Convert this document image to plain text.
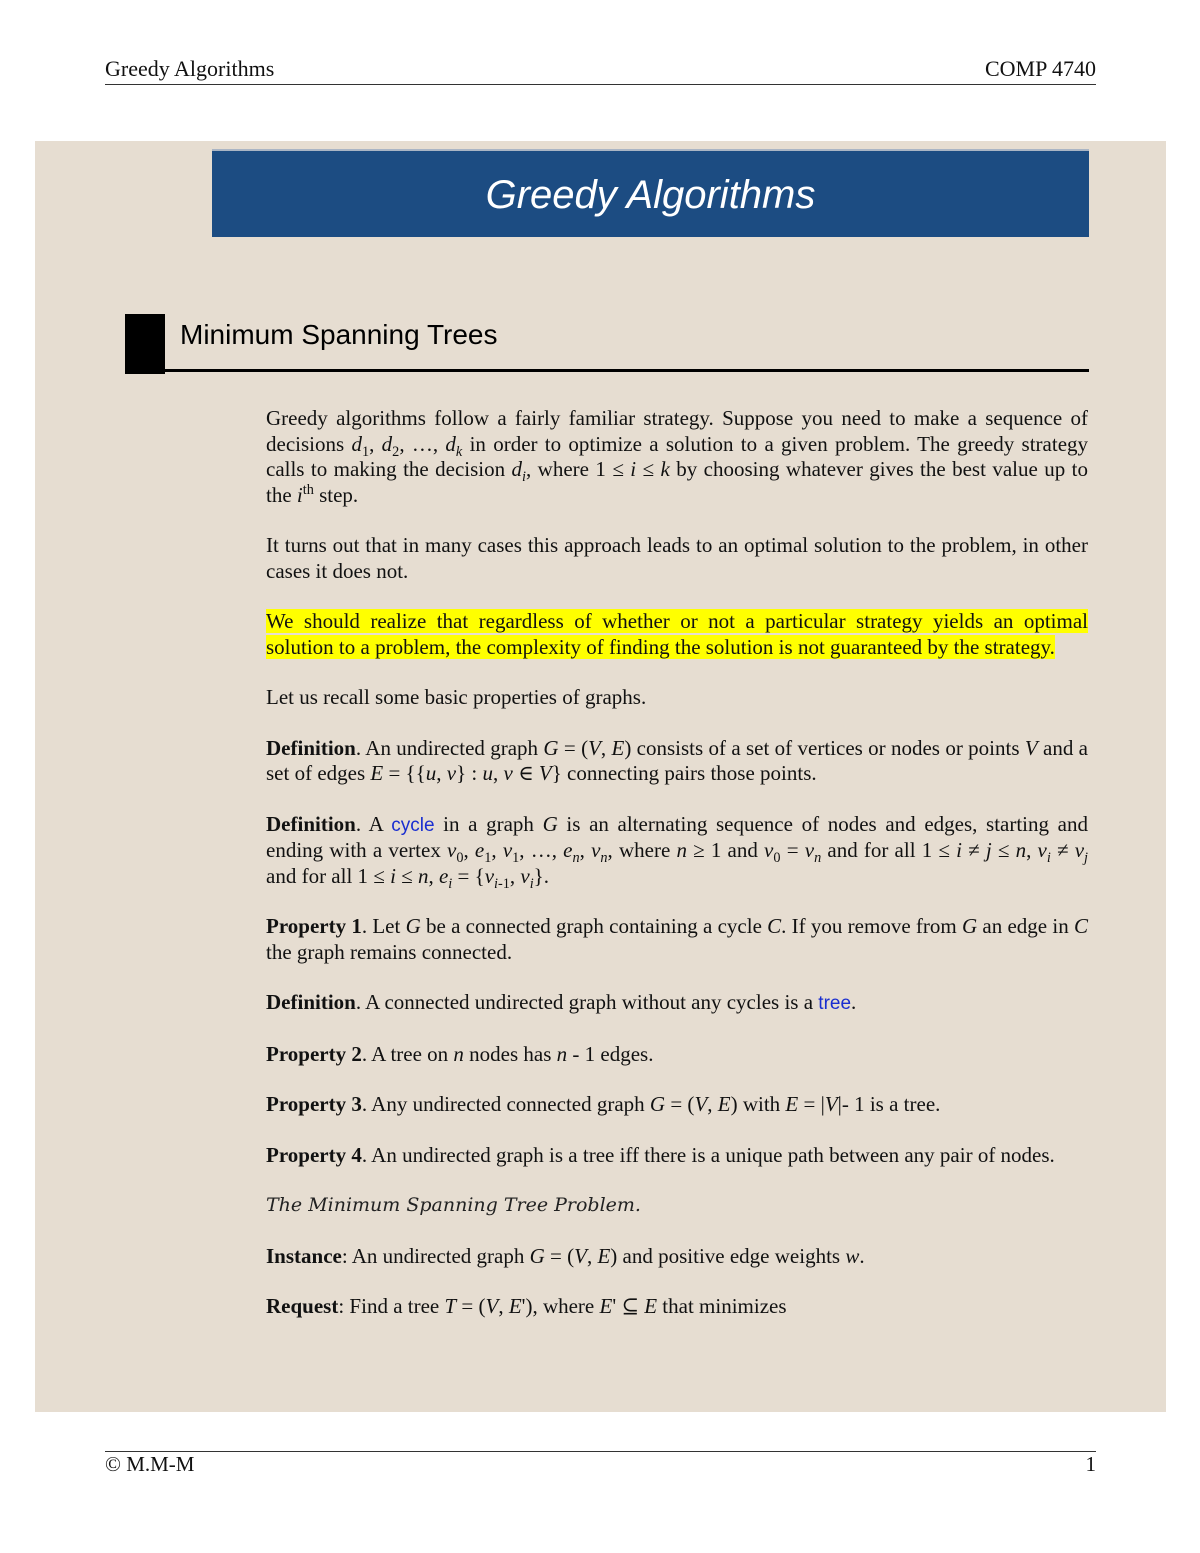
Greedy Algorithms	COMP 4740
Greedy Algorithms
Minimum Spanning Trees

Greedy algorithms follow a fairly familiar strategy. Suppose you need to make a sequence of decisions $d_1$, $d_2$, …, $d_k$ in order to optimize a solution to a given problem. The greedy strategy calls to making the decision $d_i$, where 1 ≤ i ≤ k by choosing whatever gives the best value up to the $i^{th}$ step.

It turns out that in many cases this approach leads to an optimal solution to the problem, in other cases it does not.

We should realize that regardless of whether or not a particular strategy yields an optimal solution to a problem, the complexity of finding the solution is not guaranteed by the strategy.

Let us recall some basic properties of graphs.

Definition. An undirected graph G = (V, E) consists of a set of vertices or nodes or points V and a set of edges E = {{u, v} : u, v ∈ V} connecting pairs those points.

Definition. A cycle in a graph G is an alternating sequence of nodes and edges, starting and ending with a vertex $v_0$, $e_1$, $v_1$, …, $e_n$, $v_n$, where n ≥ 1 and $v_0 = v_n$ and for all 1 ≤ i ≠ j ≤ n, $v_i \ne v_j$ and for all 1 ≤ i ≤ n, $e_i = \{v_{i-1}$, $v_i$}.

Property 1. Let G be a connected graph containing a cycle C. If you remove from G an edge in C the graph remains connected.

Definition. A connected undirected graph without any cycles is a tree.

Property 2. A tree on n nodes has n - 1 edges.

Property 3. Any undirected connected graph G = (V, E) with E = |V|- 1 is a tree.

Property 4. An undirected graph is a tree iff there is a unique path between any pair of nodes.

The Minimum Spanning Tree Problem.

Instance: An undirected graph G = (V, E) and positive edge weights w.

Request: Find a tree T = (V, E'), where E' ⊆ E that minimizes

© M.M-M	1
